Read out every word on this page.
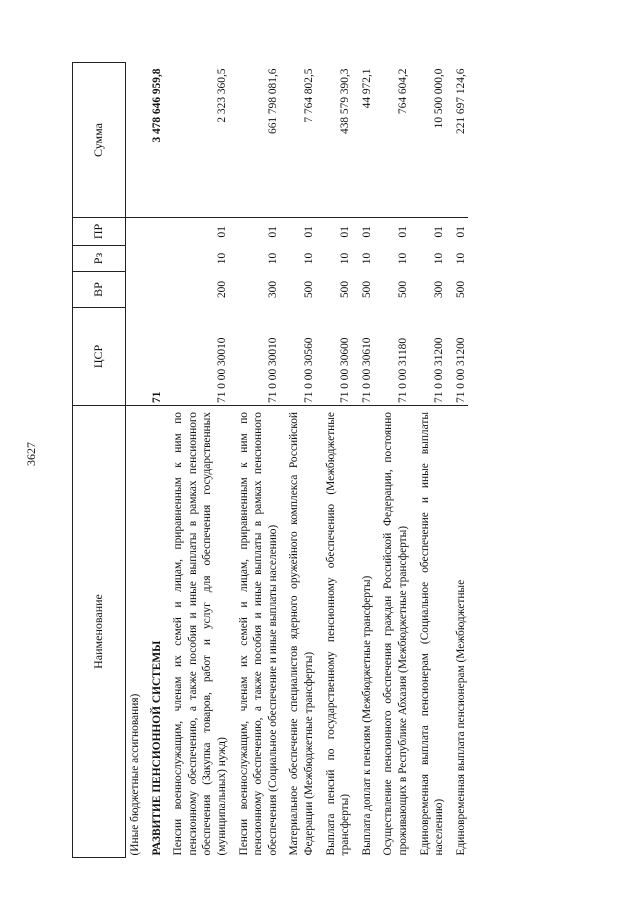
3627
Наименование	ЦСР	ВР	Рз	ПР	Сумма
(Иные бюджетные ассигнования)					
РАЗВИТИЕ ПЕНСИОННОЙ СИСТЕМЫ	71				3 478 646 959,8
Пенсии военнослужащим, членам их семей и лицам, приравненным к ним по пенсионному обеспечению, а также пособия и иные выплаты в рамках пенсионного обеспечения (Закупка товаров, работ и услуг для обеспечения государственных (муниципальных) нужд)	71 0 00 30010	200	10	01	2 323 360,5
Пенсии военнослужащим, членам их семей и лицам, приравненным к ним по пенсионному обеспечению, а также пособия и иные выплаты в рамках пенсионного обеспечения (Социальное обеспечение и иные выплаты населению)	71 0 00 30010	300	10	01	661 798 081,6
Материальное обеспечение специалистов ядерного оружейного комплекса Российской Федерации (Межбюджетные трансферты)	71 0 00 30560	500	10	01	7 764 802,5
Выплата пенсий по государственному пенсионному обеспечению (Межбюджетные трансферты)	71 0 00 30600	500	10	01	438 579 390,3
Выплата доплат к пенсиям (Межбюджетные трансферты)	71 0 00 30610	500	10	01	44 972,1
Осуществление пенсионного обеспечения граждан Российской Федерации, постоянно проживающих в Республике Абхазия (Межбюджетные трансферты)	71 0 00 31180	500	10	01	764 604,2
Единовременная выплата пенсионерам (Социальное обеспечение и иные выплаты населению)	71 0 00 31200	300	10	01	10 500 000,0
Единовременная выплата пенсионерам (Межбюджетные	71 0 00 31200	500	10	01	221 697 124,6
